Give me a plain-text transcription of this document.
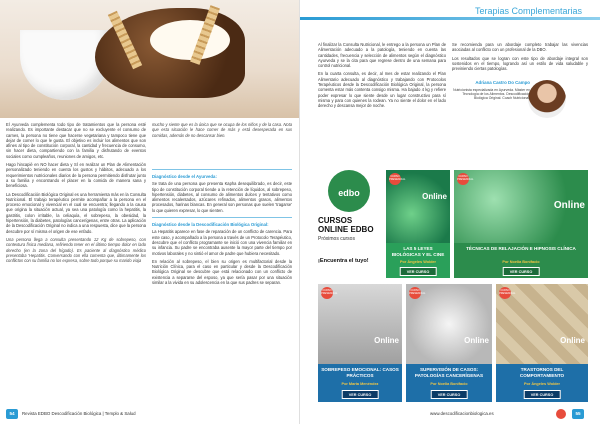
El Ayurveda complementa todo tipo de tratamientos que la persona esté realizando. Es importante destacar que no se excluyente el consumo de carnes, la persona no tiene que hacerse vegetariana y tampoco tiene que dejar de comer lo que le gusta. El objetivo es incluir los alimentos que son afines al tipo de constitución corporal, la cantidad y frecuencia de consumo, sin hacer dieta, compartiendo con la familia y disfrutando de eventos sociales como cumpleaños, reuniones de amigos, etc.

Hago hincapié en NO hacer dieta y SÍ en realizar un Plan de Alimentación personalizado teniendo en cuenta los gustos y hábitos, adecuado a los requerimientos nutricionales diarios de la persona permitiendo disfrutar junto a su familia y encontrando el placer en la comida de manera sana y beneficiosa.

La Descodificación Biológica Original es una herramienta más en la Consulta Nutricional. El trabajo terapéutico permite acompañar a la persona en el proceso emocional y vivencial en el cual se encuentra; llegando a la causa que origina la situación actual, ya sea una patología como la hepatitis, la gastritis, colon irritable, la celiaquía, el sobrepeso, la obesidad, la hipertensión, la diabetes, patologías cancerígenas, entre otras. La aplicación de la Descodificación Original no indica a una respuesta, dice que la persona descubre por sí misma el origen de ese enfado.

Una persona llega a consulta presentando 12 Kg de sobrepeso, con contextura física mediana, refiriendo tener en el último tiempo dolor en lado derecho (en la zona del hígado). Es paciente al diagnóstico médico presentaba 'Hepatitis. Conversando con ella comenta que, últimamente los conflictos con su familia no los expresa, sobre todo porque su marido viaja

mucho y siente que es la única que se ocupa de los niños y de la casa. Nota que esta situación le hace comer de más y está desesperada en sus comidas, además de no descansar bien.

Diagnóstico desde el Ayurveda:

Se trata de una persona que presenta Kapha desequilibrado, es decir, este tipo de constitución corporal tiende a la retención de líquidos, al sobrepeso, hipertensión, diabetes, al consumo de alimentos dulces y tentativos como alimentos recalentados, azúcares refinados, alimentos grasos, alimentos procesados, harinas blancas. En general son personas que suelen 'tragarse' lo que quieren expresar, lo que sienten.

Diagnóstico desde la Descodificación Biológica Original:

La Hepatitis aparece en fase de reparación de un conflicto de carencia. Para este caso, y acompañado a la persona a través de un Protocolo Terapéutico, descubre que el conflicto programante se inició con una vivencia familiar en su infancia. Su padre se encontraba ausente la mayor parte del tiempo por motivos laborales y no sintió el amor de padre que hubiera necesitado.

En relación al sobrepeso, el bien su origen es multifactorial desde la Nutrición Clínica, para el caso en particular y desde la Descodificación Biológica Original se descubre que está relacionado con un conflicto de existencia a separarse del esposo, ya que sería pasar por una situación similar a la vivida en su adolescencia en la que sus padres se separan.

54	Revista EDBO Descodificación Biológica | Templo & Salud
Terapias Complementarias

Al finalizar la Consulta Nutricional, le entrego a la persona un Plan de Alimentación adecuado a la patología, teniendo en cuenta las cantidades, frecuencia y selección de alimentos según el diagnóstico Ayurveda y se la cita para que regrese dentro de una semana para control nutricional.

En la cuarta consulta, es decir, al mes de estar realizando el Plan Alimentario adecuado al diagnóstico y trabajando con Protocolos Terapéuticos desde la Descodificación Biológica Original, la persona comenta estar más contenta consigo misma. Ha bajado 4 kg y refiere poder expresar lo que siente desde un lugar constructivo para sí misma y para con quienes la rodean. Ya no siente el dolor en el lado derecho y descansa mejor de noche.

Se recomienda para un abordaje completo trabajar las vivencias asociadas al conflicto con un profesional de la DBO.

Los resultados que se logran con este tipo de abordaje integral son sostenidos en el tiempo, logrando así un estilo de vida saludable y previniendo ciertas patologías.

Adriana Castro Do Campo
Nutricionista especializada en Ayurveda. Máster en Tecnología de los Alimentos. Descodificación Biológica Original. Coach Nutricional.
edbo
CURSOS ONLINE EDBO
Próximos cursos
¡Encuentra el tuyo!
CURSO PRESENCIAL
Online
LAS 5 LEYES BIOLÓGICAS Y EL CINE
Por Ángeles Wolder
VER CURSO
CURSO PRESENCIAL
Online
TÉCNICAS DE RELAJACIÓN E HIPNOSIS CLÍNICA
Por Noelia Bonifacio
VER CURSO
CURSO PRESENCIAL
Online
SOBREPESO EMOCIONAL: CASOS PRÁCTICOS
Por Marta Menéndez
VER CURSO
CURSO PRESENCIAL
Online
SUPERVISIÓN DE CASOS: PATOLOGÍAS CANCERÍGENAS
Por Noelia Bonifacio
VER CURSO
CURSO PRESENCIAL
Online
TRASTORNOS DEL COMPORTAMIENTO
Por Ángeles Wolder
VER CURSO
www.descodificacionbiologica.es	55
